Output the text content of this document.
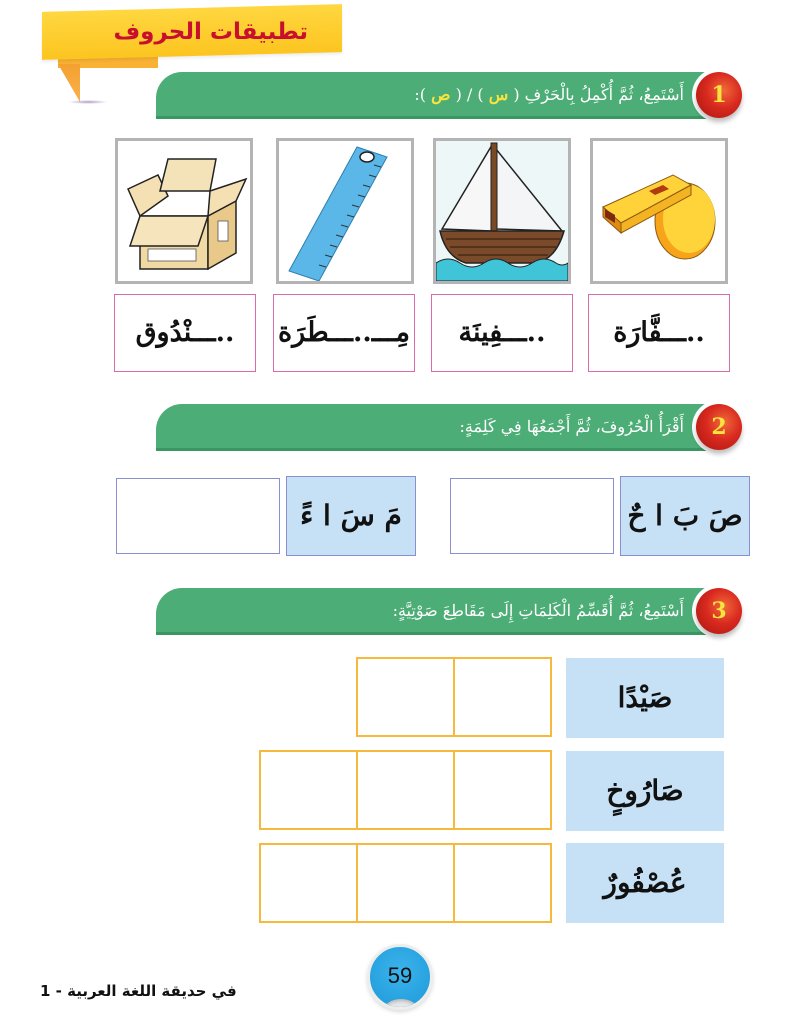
تطبيقات الحروف
أَسْتَمِعُ، ثُمَّ أُكْمِلُ بِالْحَرْفِ ( س ) / ( ص ):	1
..ـــفَّارَة
..ـــفِينَة
مِـــ..ـــطَرَة
..ـــنْدُوق
أَقْرَأُ الْحُرُوفَ، ثُمَّ أَجْمَعُهَا فِي كَلِمَةٍ:	2
صَ بَ ا حٌ
مَ سَ ا ءً
أَسْتَمِعُ، ثُمَّ أُقَسِّمُ الْكَلِمَاتِ إِلَى مَقَاطِعَ صَوْتِيَّةٍ:	3
صَيْدًا
صَارُوخٍ
عُصْفُورٌ
59
في حديقة اللغة العربية - 1
